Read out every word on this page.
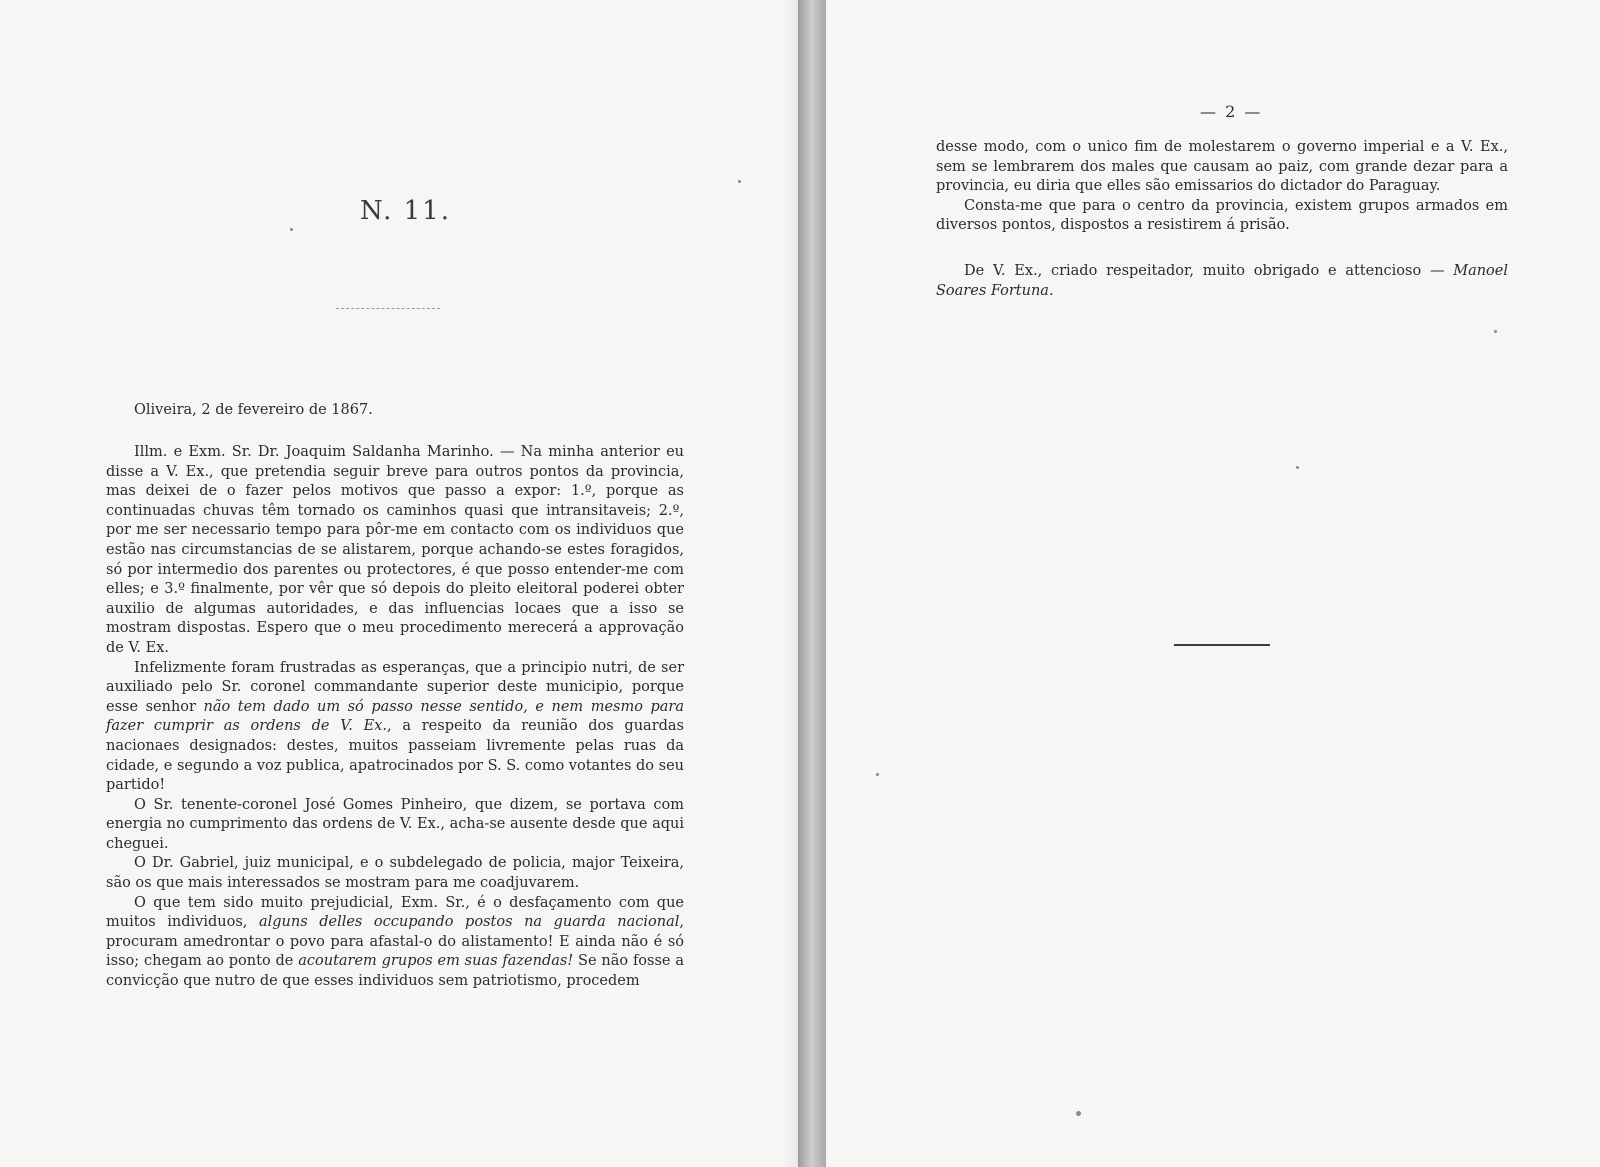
N. 11.
Oliveira, 2 de fevereiro de 1867.

Illm. e Exm. Sr. Dr. Joaquim Saldanha Marinho. — Na minha anterior eu disse a V. Ex., que pretendia seguir breve para outros pontos da provincia, mas deixei de o fazer pelos motivos que passo a expor: 1.º, porque as continuadas chuvas têm tornado os caminhos quasi que intransitaveis; 2.º, por me ser necessario tempo para pôr-me em contacto com os individuos que estão nas circumstancias de se alistarem, porque achando-se estes foragidos, só por intermedio dos parentes ou protectores, é que posso entender-me com elles; e 3.º finalmente, por vêr que só depois do pleito eleitoral poderei obter auxilio de algumas autoridades, e das influencias locaes que a isso se mostram dispostas. Espero que o meu procedimento merecerá a approvação de V. Ex.

Infelizmente foram frustradas as esperanças, que a principio nutri, de ser auxiliado pelo Sr. coronel commandante superior deste municipio, porque esse senhor não tem dado um só passo nesse sentido, e nem mesmo para fazer cumprir as ordens de V. Ex., a respeito da reunião dos guardas nacionaes designados: destes, muitos passeiam livremente pelas ruas da cidade, e segundo a voz publica, apatrocinados por S. S. como votantes do seu partido!

O Sr. tenente-coronel José Gomes Pinheiro, que dizem, se portava com energia no cumprimento das ordens de V. Ex., acha-se ausente desde que aqui cheguei.

O Dr. Gabriel, juiz municipal, e o subdelegado de policia, major Teixeira, são os que mais interessados se mostram para me coadjuvarem.

O que tem sido muito prejudicial, Exm. Sr., é o desfaçamento com que muitos individuos, alguns delles occupando postos na guarda nacional, procuram amedrontar o povo para afastal-o do alistamento! E ainda não é só isso; chegam ao ponto de acoutarem grupos em suas fazendas! Se não fosse a convicção que nutro de que esses individuos sem patriotismo, procedem

— 2 —

desse modo, com o unico fim de molestarem o governo imperial e a V. Ex., sem se lembrarem dos males que causam ao paiz, com grande dezar para a provincia, eu diria que elles são emissarios do dictador do Paraguay.

Consta-me que para o centro da provincia, existem grupos armados em diversos pontos, dispostos a resistirem á prisão.

De V. Ex., criado respeitador, muito obrigado e attencioso — Manoel Soares Fortuna.
